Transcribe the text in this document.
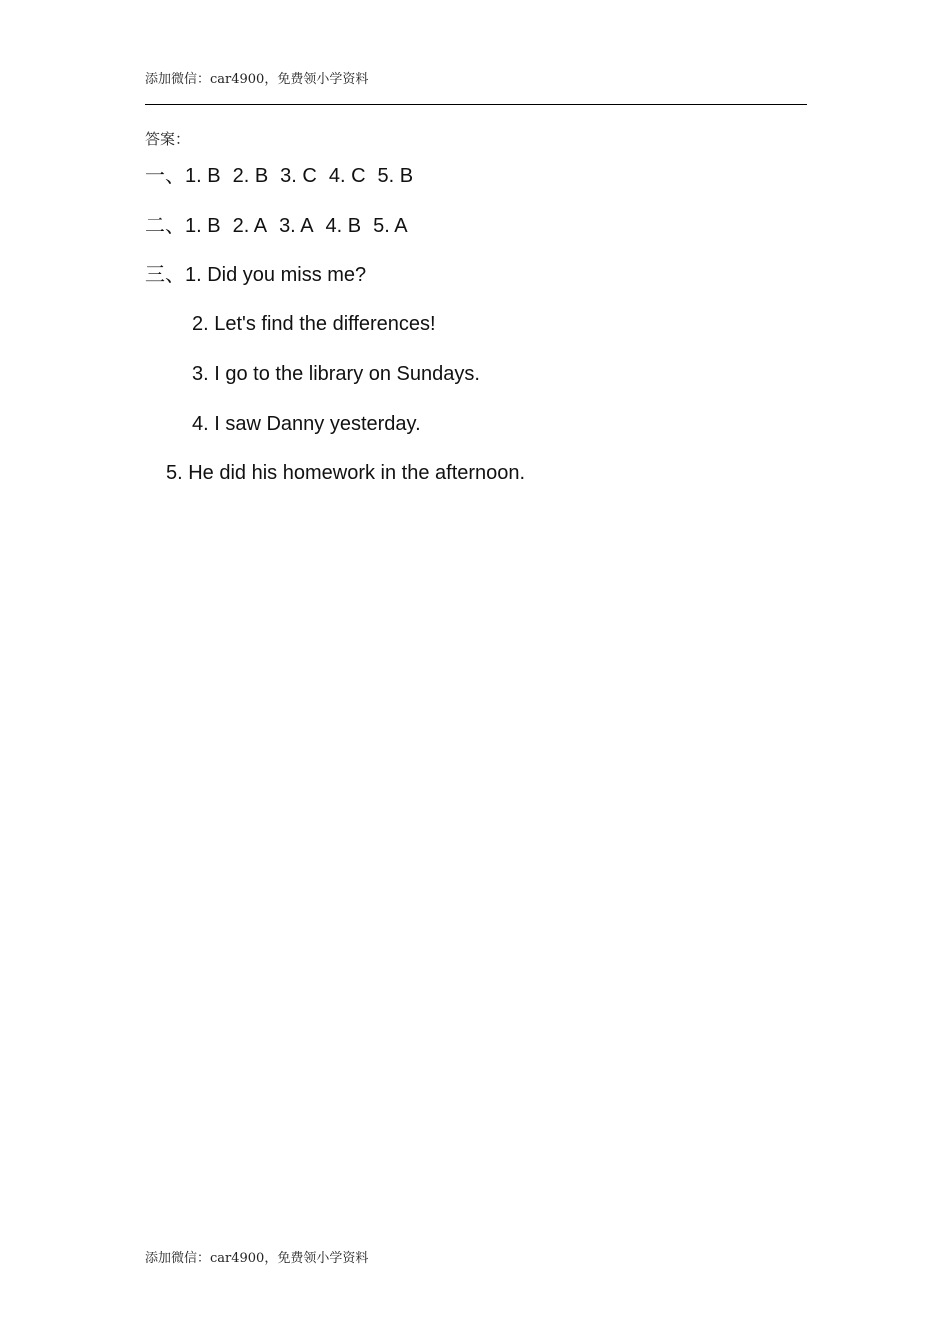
添加微信：car4900，免费领小学资料
答案：
一、1. B 2. B 3. C 4. C 5. B
二、1. B 2. A 3. A 4. B 5. A
三、1. Did you miss me?
2. Let's find the differences!
3. I go to the library on Sundays.
4. I saw Danny yesterday.
5. He did his homework in the afternoon.
添加微信：car4900，免费领小学资料
